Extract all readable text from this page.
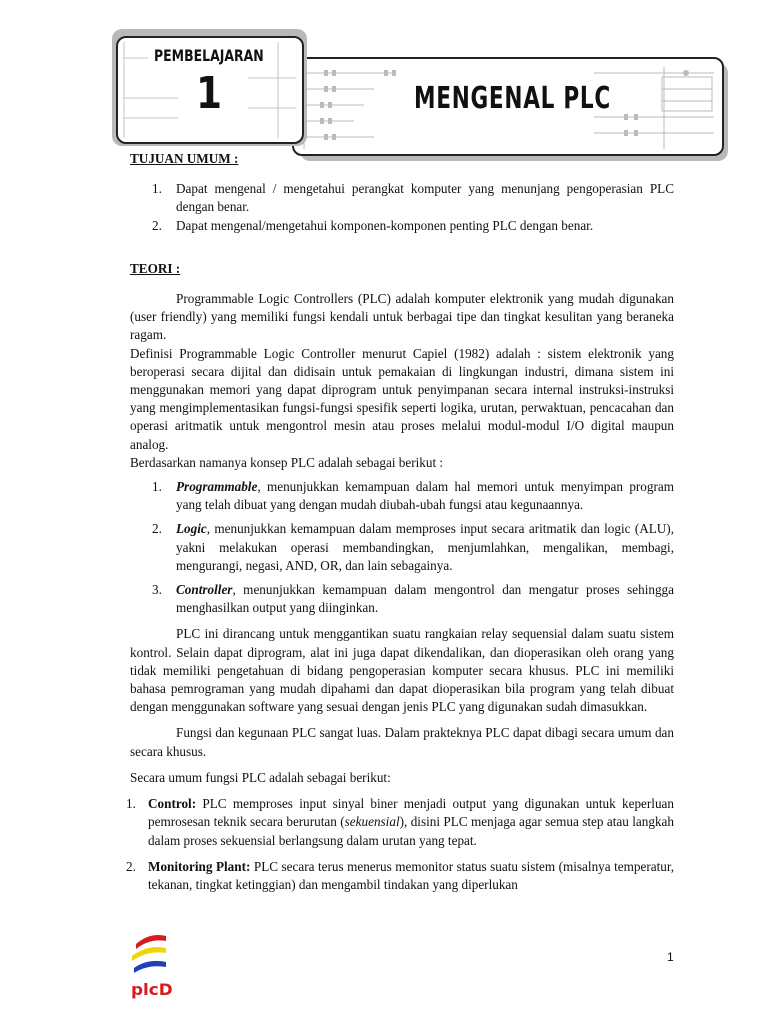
MENGENAL PLC
PEMBELAJARAN
1
TUJUAN UMUM :
1. Dapat mengenal / mengetahui perangkat komputer yang menunjang pengoperasian PLC dengan benar.
2. Dapat mengenal/mengetahui komponen-komponen penting PLC dengan benar.
TEORI :

Programmable Logic Controllers (PLC) adalah komputer elektronik yang mudah digunakan (user friendly) yang memiliki fungsi kendali untuk berbagai tipe dan tingkat kesulitan yang beraneka ragam.

Definisi Programmable Logic Controller menurut Capiel (1982) adalah : sistem elektronik yang beroperasi secara dijital dan didisain untuk pemakaian di lingkungan industri, dimana sistem ini menggunakan memori yang dapat diprogram untuk penyimpanan secara internal instruksi-instruksi yang mengimplementasikan fungsi-fungsi spesifik seperti logika, urutan, perwaktuan, pencacahan dan operasi aritmatik untuk mengontrol mesin atau proses melalui modul-modul I/O digital maupun analog.

Berdasarkan namanya konsep PLC adalah sebagai berikut :

1. Programmable, menunjukkan kemampuan dalam hal memori untuk menyimpan program yang telah dibuat yang dengan mudah diubah-ubah fungsi atau kegunaannya.
2. Logic, menunjukkan kemampuan dalam memproses input secara aritmatik dan logic (ALU), yakni melakukan operasi membandingkan, menjumlahkan, mengalikan, membagi, mengurangi, negasi, AND, OR, dan lain sebagainya.
3. Controller, menunjukkan kemampuan dalam mengontrol dan mengatur proses sehingga menghasilkan output yang diinginkan.

PLC ini dirancang untuk menggantikan suatu rangkaian relay sequensial dalam suatu sistem kontrol. Selain dapat diprogram, alat ini juga dapat dikendalikan, dan dioperasikan oleh orang yang tidak memiliki pengetahuan di bidang pengoperasian komputer secara khusus. PLC ini memiliki bahasa pemrograman yang mudah dipahami dan dapat dioperasikan bila program yang telah dibuat dengan menggunakan software yang sesuai dengan jenis PLC yang digunakan sudah dimasukkan.

Fungsi dan kegunaan PLC sangat luas. Dalam prakteknya PLC dapat dibagi secara umum dan secara khusus.

Secara umum fungsi PLC adalah sebagai berikut:

1. Control: PLC memproses input sinyal biner menjadi output yang digunakan untuk keperluan pemrosesan teknik secara berurutan (sekuensial), disini PLC menjaga agar semua step atau langkah dalam proses sekuensial berlangsung dalam urutan yang tepat.
2. Monitoring Plant: PLC secara terus menerus memonitor status suatu sistem (misalnya temperatur, tekanan, tingkat ketinggian) dan mengambil tindakan yang diperlukan
plcD
1
